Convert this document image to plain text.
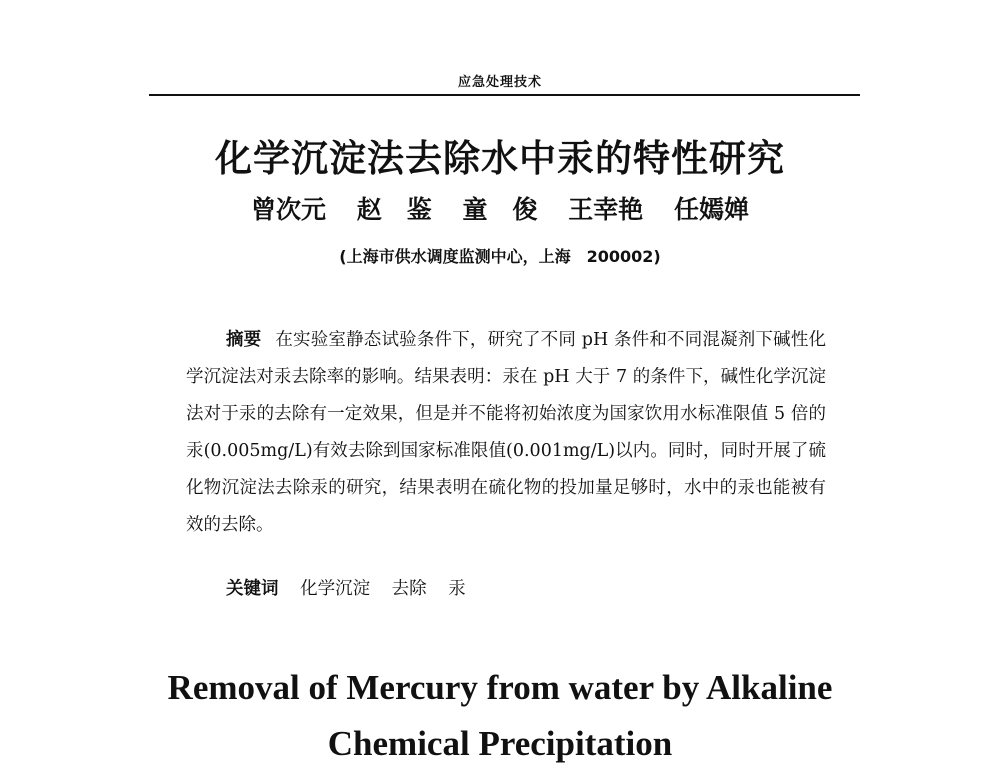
应急处理技术
化学沉淀法去除水中汞的特性研究
曾次元 赵　鉴 童　俊 王幸艳 任嫣婵
(上海市供水调度监测中心，上海　200002)

摘要 在实验室静态试验条件下，研究了不同 pH 条件和不同混凝剂下碱性化学沉淀法对汞去除率的影响。结果表明：汞在 pH 大于 7 的条件下，碱性化学沉淀法对于汞的去除有一定效果，但是并不能将初始浓度为国家饮用水标准限值 5 倍的汞(0.005mg/L)有效去除到国家标准限值(0.001mg/L)以内。同时，同时开展了硫化物沉淀法去除汞的研究，结果表明在硫化物的投加量足够时，水中的汞也能被有效的去除。

关键词 化学沉淀 去除 汞
Removal of Mercury from water by Alkaline
Chemical Precipitation
